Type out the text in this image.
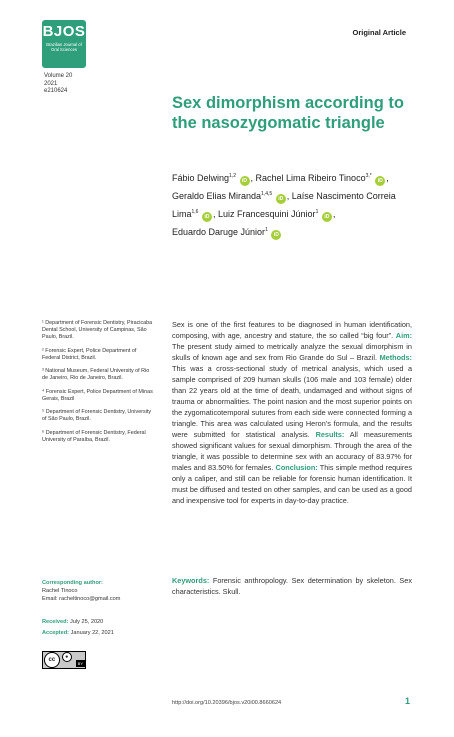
BJOS
Brazilian Journal of Oral Sciences
Original Article
Volume 20
2021
e210624
Sex dimorphism according to the nasozygomatic triangle
Fábio Delwing$^{1,2}$ iD , Rachel Lima Ribeiro Tinoco$^{3,*}$ iD , Geraldo Elias Miranda$^{1,4,5}$ iD , Laíse Nascimento Correia Lima$^{1,6}$ iD , Luiz Francesquini Júnior$^1$ iD , Eduardo Daruge Júnior$^1$ iD

¹ Department of Forensic Dentistry, Piracicaba Dental School, University of Campinas, São Paulo, Brazil.

² Forensic Expert, Police Department of Federal District, Brazil.

³ National Museum, Federal University of Rio de Janeiro, Rio de Janeiro, Brazil.

⁴ Forensic Expert, Police Department of Minas Gerais, Brazil

⁵ Department of Forensic Dentistry, University of São Paulo, Brazil.

⁶ Department of Forensic Dentistry, Federal University of Paraíba, Brazil.

Sex is one of the first features to be diagnosed in human identification, composing, with age, ancestry and stature, the so called “big four”. Aim: The present study aimed to metrically analyze the sexual dimorphism in skulls of known age and sex from Rio Grande do Sul – Brazil. Methods: This was a cross-sectional study of metrical analysis, which used a sample comprised of 209 human skulls (106 male and 103 female) older than 22 years old at the time of death, undamaged and without signs of trauma or abnormalities. The point nasion and the most superior points on the zygomaticotemporal sutures from each side were connected forming a triangle. This area was calculated using Heron’s formula, and the results were submitted for statistical analysis. Results: All measurements showed significant values for sexual dimorphism. Through the area of the triangle, it was possible to determine sex with an accuracy of 83.97% for males and 83.50% for females. Conclusion: This simple method requires only a caliper, and still can be reliable for forensic human identification. It must be diffused and tested on other samples, and can be used as a good and inexpensive tool for experts in day-to-day practice.

Keywords: Forensic anthropology. Sex determination by skeleton. Sex characteristics. Skull.
Corresponding author:
Rachel Tinoco
Email: racheltinoco@gmail.com
Received: July 25, 2020
Accepted: January 22, 2021
cc	●
BY
http://doi.org/10.20396/bjos.v20i00.8660624	1
